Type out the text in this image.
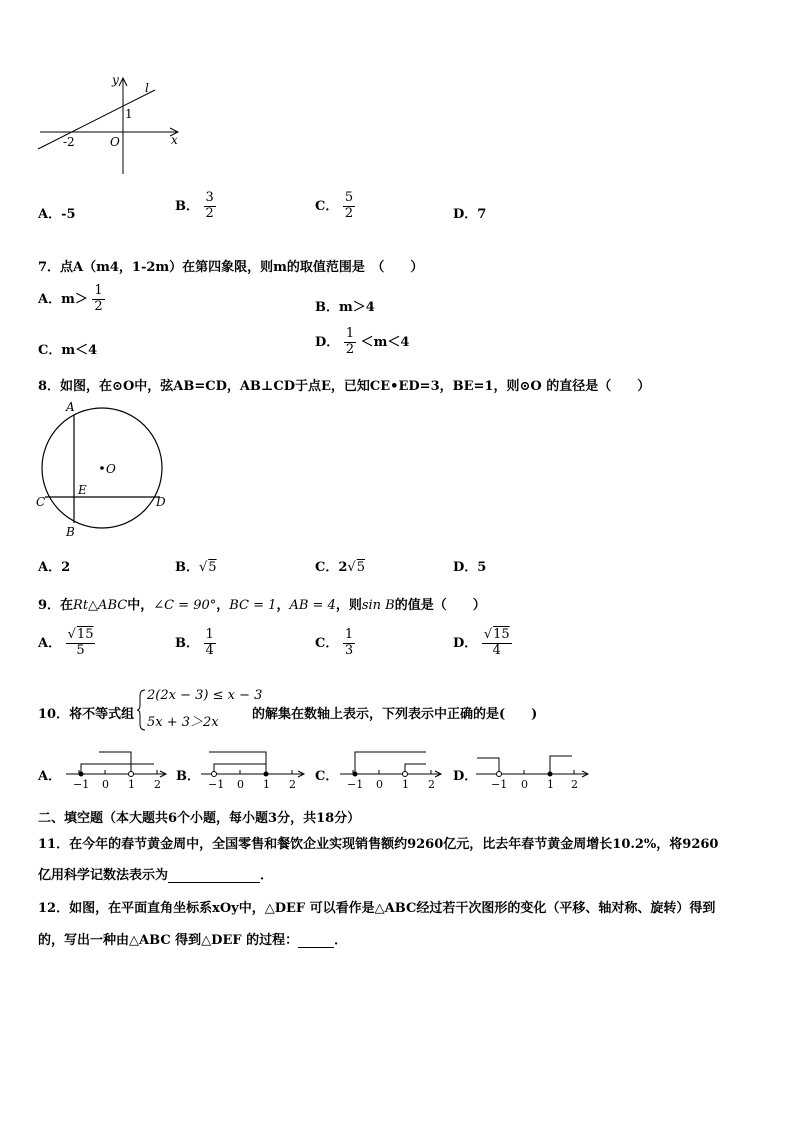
y
l
1
x
-2	O
A．-5
B． $\frac{3}{2}$	C． $\frac{5}{2}$	D．7
7．点A（m4，1-2m）在第四象限，则m的取值范围是　（　　）
A．$m> \frac{1}{2}$	B．m＞4
C．m＜4
D． $\frac{1}{2} <m<4$
8．如图，在⊙O中，弦AB=CD，AB⊥CD于点E，已知CE•ED=3，BE=1，则⊙O 的直径是（　　）
A
O
E
C	D
B
A．2	B．√5	C．2√5	D．5
9．在Rt△ABC中，∠C = 90°，BC = 1，AB = 4，则sin B的值是（　　）
A． $\frac{√15}{5}$	B． $\frac{1}{4}$	C． $\frac{1}{3}$	D． $\frac{√15}{4}$
10．将不等式组
2(2x − 3) ≤ x − 3
5x + 3＞2x
的解集在数轴上表示，下列表示中正确的是(　　)
A．
−1 0 1 2
B．
−1 0 1 2
C．
−1 0 1 2
D．
−1 0 1 2
二、填空题（本大题共6个小题，每小题3分，共18分）
11．在今年的春节黄金周中，全国零售和餐饮企业实现销售额约9260亿元，比去年春节黄金周增长10.2%，将9260
亿用科学记数法表示为	．
12．如图，在平面直角坐标系xOy中，△DEF 可以看作是△ABC经过若干次图形的变化（平移、轴对称、旋转）得到
的，写出一种由△ABC 得到△DEF 的过程：	．
